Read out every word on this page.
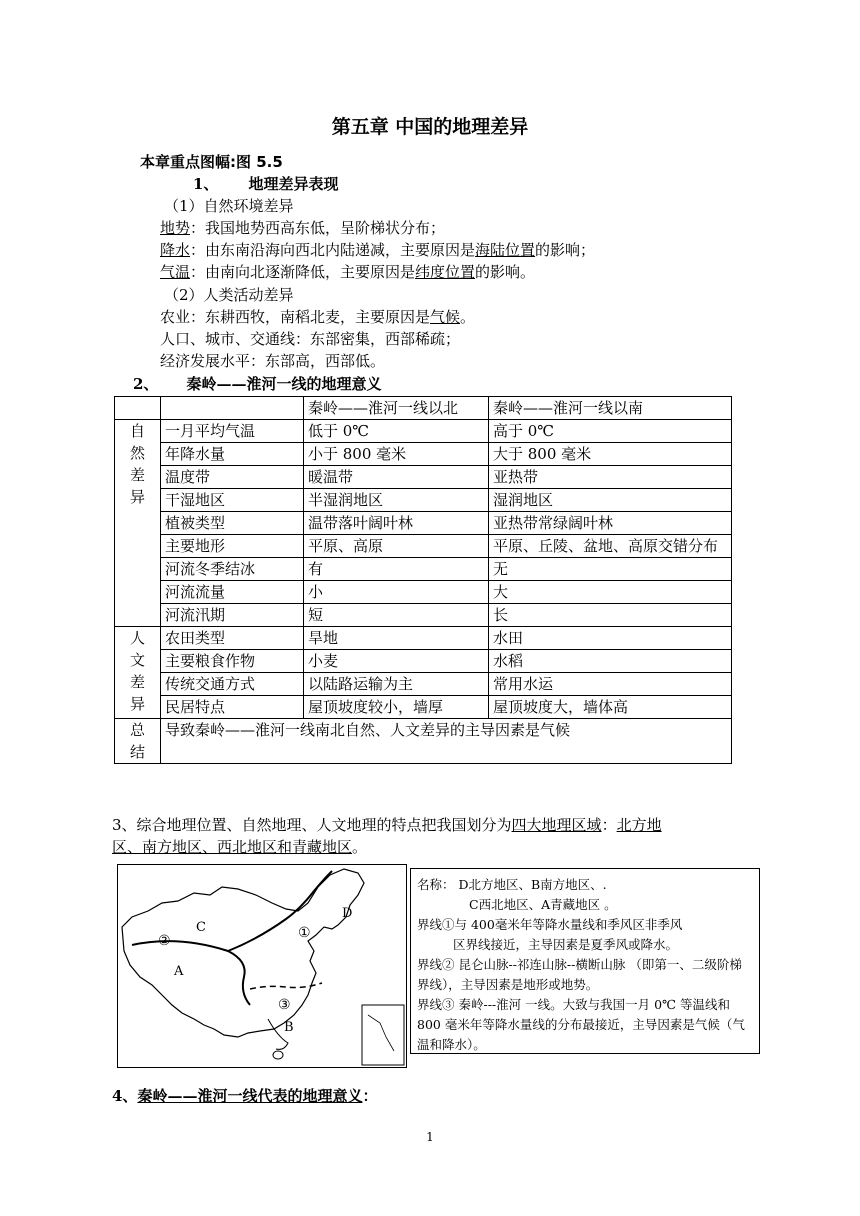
第五章 中国的地理差异
本章重点图幅:图 5.5
1、 地理差异表现
（1）自然环境差异
地势：我国地势西高东低，呈阶梯状分布；
降水：由东南沿海向西北内陆递减，主要原因是海陆位置的影响；
气温：由南向北逐渐降低，主要原因是纬度位置的影响。
（2）人类活动差异
农业：东耕西牧，南稻北麦，主要原因是气候。
人口、城市、交通线：东部密集，西部稀疏；
经济发展水平：东部高，西部低。
2、 秦岭——淮河一线的地理意义
		秦岭——淮河一线以北	秦岭——淮河一线以南

自然差异	一月平均气温	低于 0℃	高于 0℃
	年降水量	小于 800 毫米	大于 800 毫米
	温度带	暖温带	亚热带
	干湿地区	半湿润地区	湿润地区
	植被类型	温带落叶阔叶林	亚热带常绿阔叶林
	主要地形	平原、高原	平原、丘陵、盆地、高原交错分布
	河流冬季结冰	有	无
	河流流量	小	大
	河流汛期	短	长

人文差异	农田类型	旱地	水田
	主要粮食作物	小麦	水稻
	传统交通方式	以陆路运输为主	常用水运
	民居特点	屋顶坡度较小，墙厚	屋顶坡度大，墙体高

总结	导致秦岭——淮河一线南北自然、人文差异的主导因素是气候		
3、综合地理位置、自然地理、人文地理的特点把我国划分为四大地理区域：北方地
区、南方地区、西北地区和青藏地区。
C
②
A
①
D
③
B
名称： D北方地区、B南方地区、.
C西北地区、A青藏地区 。
界线①与 400毫米年等降水量线和季风区非季风
区界线接近，主导因素是夏季风或降水。
界线② 昆仑山脉--祁连山脉--横断山脉 （即第一、二级阶梯界线），主导因素是地形或地势。
界线③ 秦岭---淮河 一线。大致与我国一月 0℃ 等温线和 800 毫米年等降水量线的分布最接近，主导因素是气候（气温和降水）。
4、秦岭——淮河一线代表的地理意义：
1
